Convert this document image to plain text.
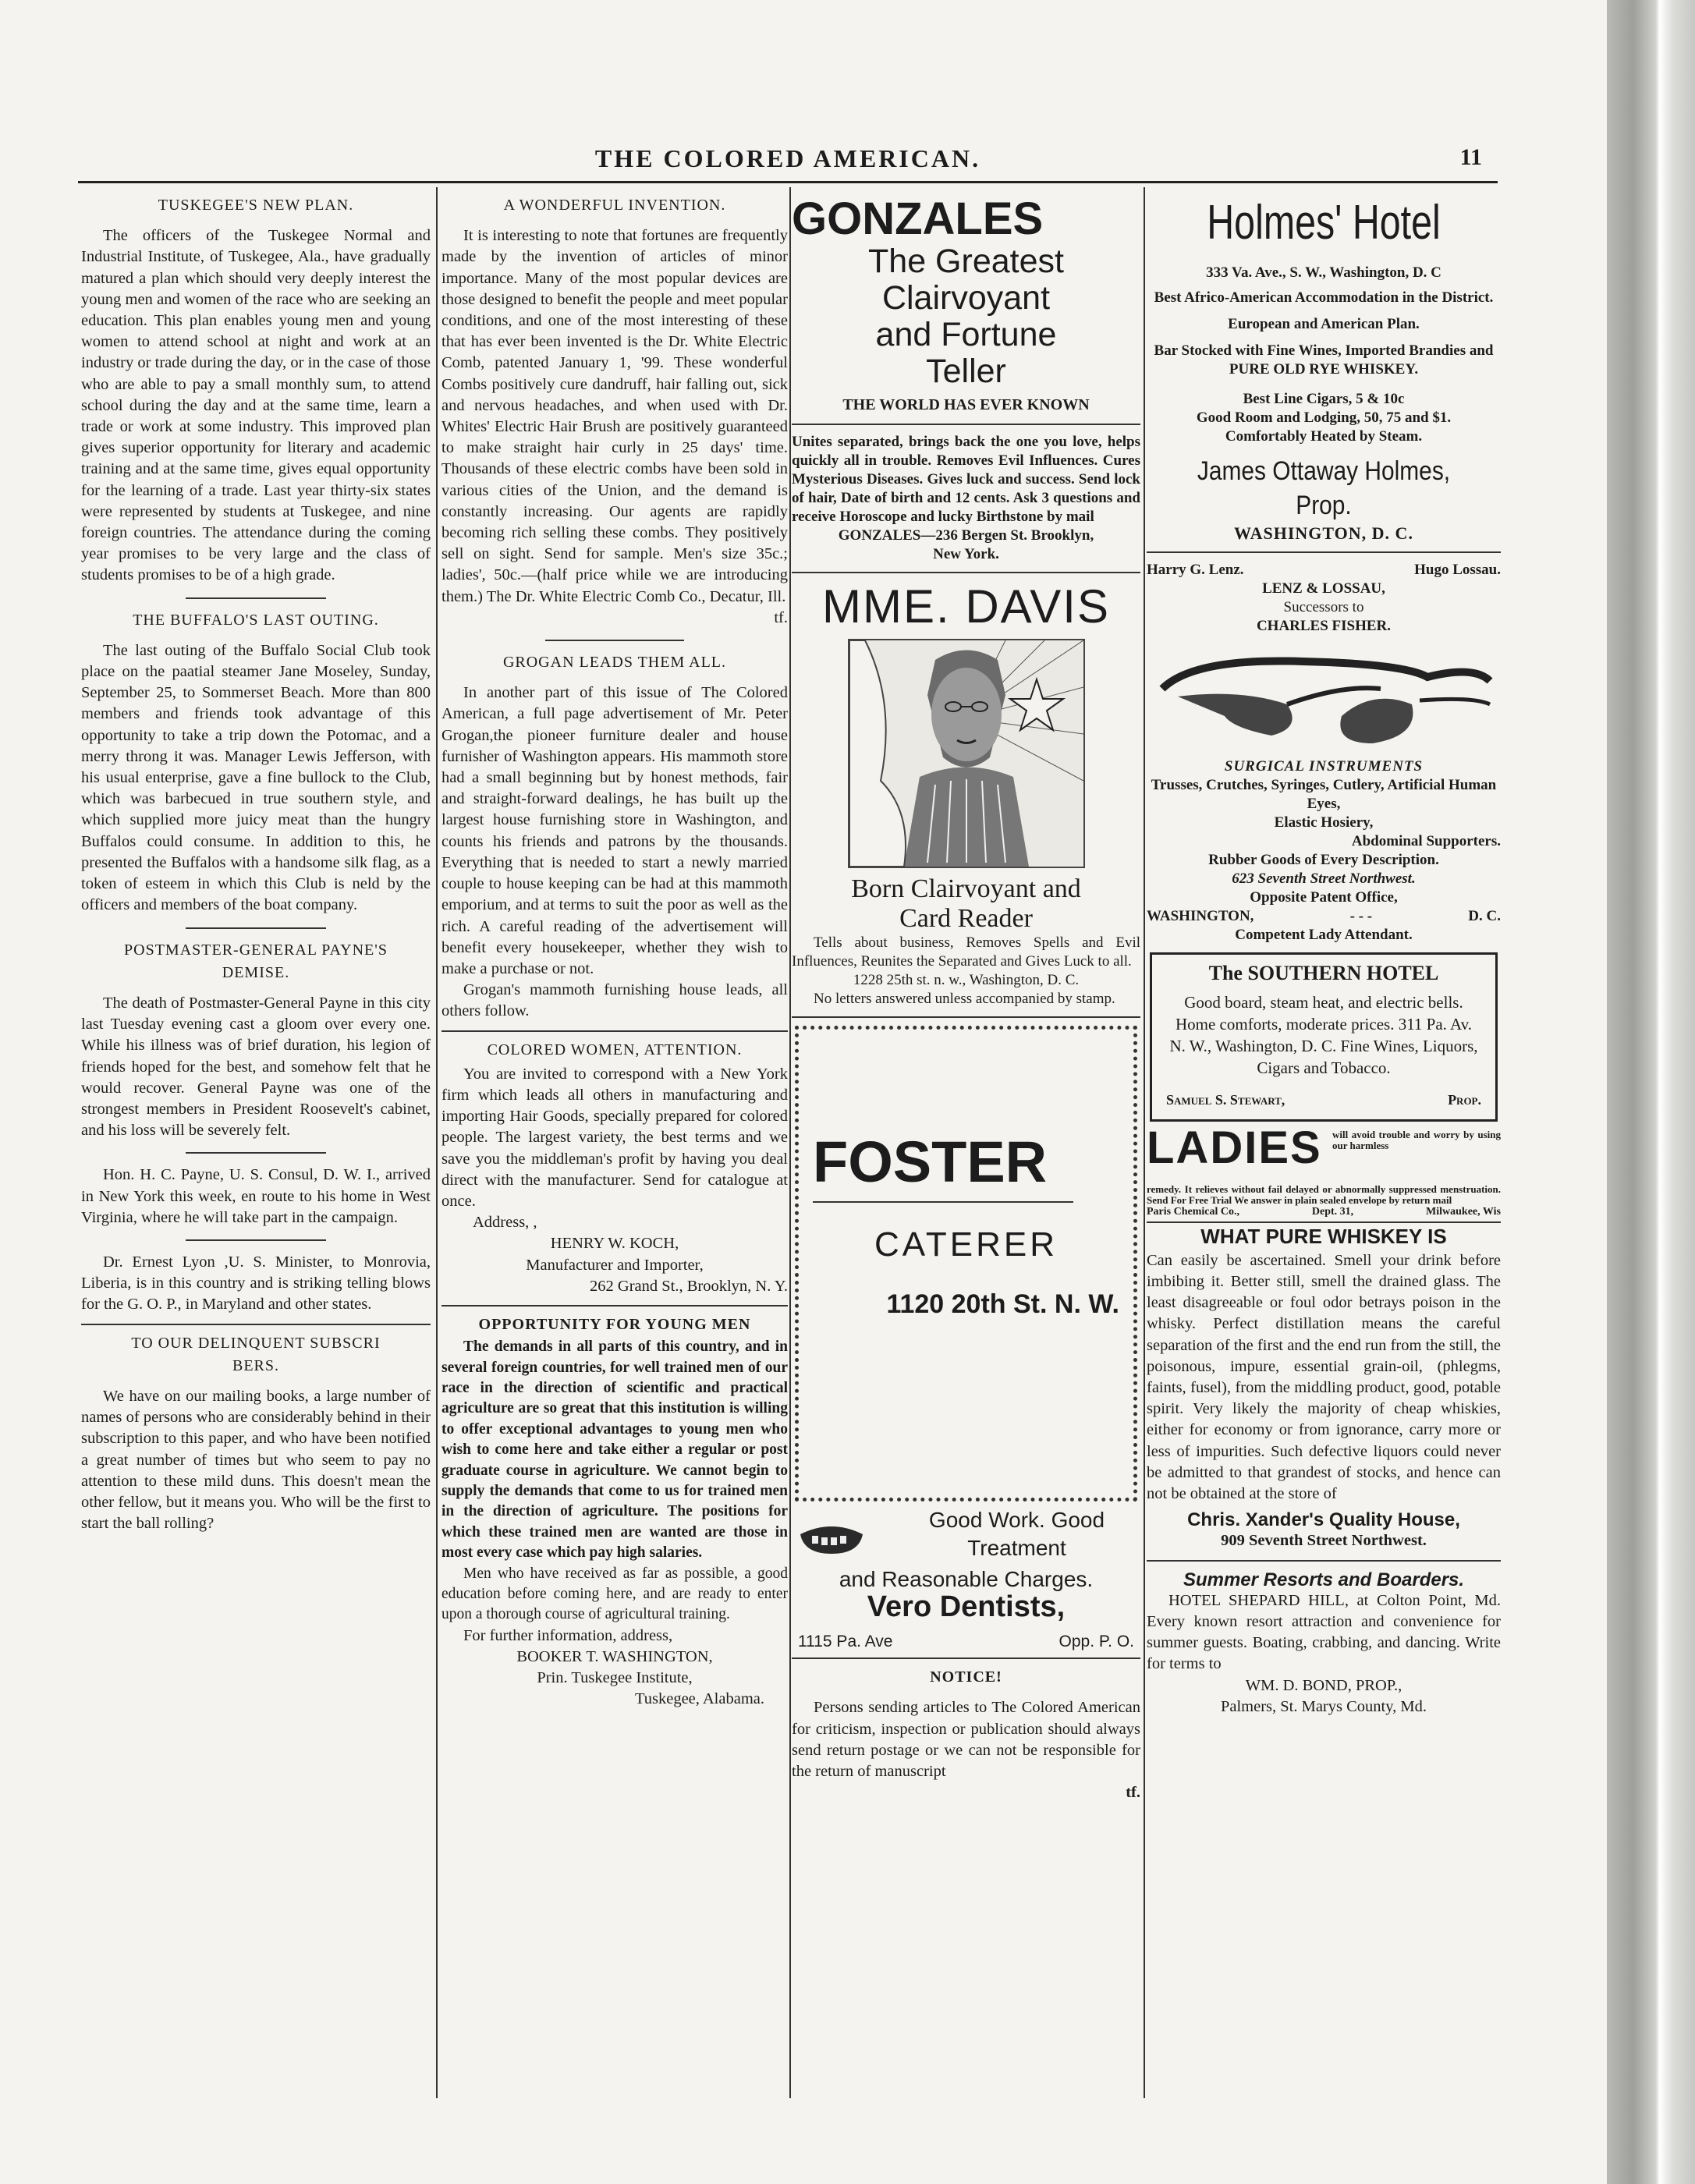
THE COLORED AMERICAN.	11
TUSKEGEE'S NEW PLAN.

The officers of the Tuskegee Normal and Industrial Institute, of Tuskegee, Ala., have gradually matured a plan which should very deeply interest the young men and women of the race who are seeking an education. This plan enables young men and young women to attend school at night and work at an industry or trade during the day, or in the case of those who are able to pay a small monthly sum, to attend school during the day and at the same time, learn a trade or work at some industry. This improved plan gives superior opportunity for literary and academic training and at the same time, gives equal opportunity for the learning of a trade. Last year thirty-six states were represented by students at Tuskegee, and nine foreign countries. The attendance during the coming year promises to be very large and the class of students promises to be of a high grade.

THE BUFFALO'S LAST OUTING.

The last outing of the Buffalo Social Club took place on the paatial steamer Jane Moseley, Sunday, September 25, to Sommerset Beach. More than 800 members and friends took advantage of this opportunity to take a trip down the Potomac, and a merry throng it was. Manager Lewis Jefferson, with his usual enterprise, gave a fine bullock to the Club, which was barbecued in true southern style, and which supplied more juicy meat than the hungry Buffalos could consume. In addition to this, he presented the Buffalos with a handsome silk flag, as a token of esteem in which this Club is neld by the officers and members of the boat company.

POSTMASTER-GENERAL PAYNE'S
DEMISE.

The death of Postmaster-General Payne in this city last Tuesday evening cast a gloom over every one. While his illness was of brief duration, his legion of friends hoped for the best, and somehow felt that he would recover. General Payne was one of the strongest members in President Roosevelt's cabinet, and his loss will be severely felt.

Hon. H. C. Payne, U. S. Consul, D. W. I., arrived in New York this week, en route to his home in West Virginia, where he will take part in the campaign.

Dr. Ernest Lyon ,U. S. Minister, to Monrovia, Liberia, is in this country and is striking telling blows for the G. O. P., in Maryland and other states.

TO OUR DELINQUENT SUBSCRI
BERS.

We have on our mailing books, a large number of names of persons who are considerably behind in their subscription to this paper, and who have been notified a great number of times but who seem to pay no attention to these mild duns. This doesn't mean the other fellow, but it means you. Who will be the first to start the ball rolling?

A WONDERFUL INVENTION.

It is interesting to note that fortunes are frequently made by the invention of articles of minor importance. Many of the most popular devices are those designed to benefit the people and meet popular conditions, and one of the most interesting of these that has ever been invented is the Dr. White Electric Comb, patented January 1, '99. These wonderful Combs positively cure dandruff, hair falling out, sick and nervous headaches, and when used with Dr. Whites' Electric Hair Brush are positively guaranteed to make straight hair curly in 25 days' time. Thousands of these electric combs have been sold in various cities of the Union, and the demand is constantly increasing. Our agents are rapidly becoming rich selling these combs. They positively sell on sight. Send for sample. Men's size 35c.; ladies', 50c.—(half price while we are introducing them.) The Dr. White Electric Comb Co., Decatur, Ill.

tf.
GROGAN LEADS THEM ALL.

In another part of this issue of The Colored American, a full page advertisement of Mr. Peter Grogan,the pioneer furniture dealer and house furnisher of Washington appears. His mammoth store had a small beginning but by honest methods, fair and straight-forward dealings, he has built up the largest house furnishing store in Washington, and counts his friends and patrons by the thousands. Everything that is needed to start a newly married couple to house keeping can be had at this mammoth emporium, and at terms to suit the poor as well as the rich. A careful reading of the advertisement will benefit every housekeeper, whether they wish to make a purchase or not.

Grogan's mammoth furnishing house leads, all others follow.

COLORED WOMEN, ATTENTION.

You are invited to correspond with a New York firm which leads all others in manufacturing and importing Hair Goods, specially prepared for colored people. The largest variety, the best terms and we save you the middleman's profit by having you deal direct with the manufacturer. Send for catalogue at once.

Address, ,
HENRY W. KOCH,
Manufacturer and Importer,
262 Grand St., Brooklyn, N. Y.
OPPORTUNITY FOR YOUNG MEN

The demands in all parts of this country, and in several foreign countries, for well trained men of our race in the direction of scientific and practical agriculture are so great that this institution is willing to offer exceptional advantages to young men who wish to come here and take either a regular or post graduate course in agriculture. We cannot begin to supply the demands that come to us for trained men in the direction of agriculture. The positions for which these trained men are wanted are those in most every case which pay high salaries.

Men who have received as far as possible, a good education before coming here, and are ready to enter upon a thorough course of agricultural training.

For further information, address,
BOOKER T. WASHINGTON,
Prin. Tuskegee Institute,
Tuskegee, Alabama.
GONZALES
The Greatest
Clairvoyant
and Fortune
Teller
THE WORLD HAS EVER KNOWN
Unites separated, brings back the one you love, helps quickly all in trouble. Removes Evil Influences. Cures Mysterious Diseases. Gives luck and success. Send lock of hair, Date of birth and 12 cents. Ask 3 questions and receive Horoscope and lucky Birthstone by mail
GONZALES—236 Bergen St. Brooklyn,
New York.
MME. DAVIS
Born Clairvoyant and
Card Reader
Tells about business, Removes Spells and Evil Influences, Reunites the Separated and Gives Luck to all.
1228 25th st. n. w., Washington, D. C.
No letters answered unless accompanied by stamp.
FOSTER
CATERER
1120 20th St. N. W.
Good Work. Good
Treatment
and Reasonable Charges.
Vero Dentists,
1115 Pa. Ave	Opp. P. O.
NOTICE!

Persons sending articles to The Colored American for criticism, inspection or publication should always send return postage or we can not be responsible for the return of manuscript

tf.
Holmes' Hotel
333 Va. Ave., S. W., Washington, D. C
Best Africo-American Accommodation in the District.
European and American Plan.
Bar Stocked with Fine Wines, Imported Brandies and
PURE OLD RYE WHISKEY.
Best Line Cigars, 5 & 10c
Good Room and Lodging, 50, 75 and $1.
Comfortably Heated by Steam.
James Ottaway Holmes, Prop.
WASHINGTON, D. C.
Harry G. Lenz.	Hugo Lossau.
LENZ & LOSSAU,
Successors to
CHARLES FISHER.
SURGICAL INSTRUMENTS
Trusses, Crutches, Syringes, Cutlery, Artificial Human Eyes,
Elastic Hosiery,
Abdominal Supporters.
Rubber Goods of Every Description.
623 Seventh Street Northwest.
Opposite Patent Office,
WASHINGTON,	- - -	D. C.
Competent Lady Attendant.
The SOUTHERN HOTEL
Good board, steam heat, and electric bells. Home comforts, moderate prices. 311 Pa. Av. N. W., Washington, D. C. Fine Wines, Liquors, Cigars and Tobacco.
Samuel S. Stewart,	Prop.
LADIES will avoid trouble and worry by using our harmless
remedy. It relieves without fail delayed or abnormally suppressed menstruation. Send For Free Trial We answer in plain sealed envelope by return mail
Paris Chemical Co.,	Dept. 31,	Milwaukee, Wis
WHAT PURE WHISKEY IS
Can easily be ascertained. Smell your drink before imbibing it. Better still, smell the drained glass. The least disagreeable or foul odor betrays poison in the whisky. Perfect distillation means the careful separation of the first and the end run from the still, the poisonous, impure, essential grain-oil, (phlegms, faints, fusel), from the middling product, good, potable spirit. Very likely the majority of cheap whiskies, either for economy or from ignorance, carry more or less of impurities. Such defective liquors could never be admitted to that grandest of stocks, and hence can not be obtained at the store of
Chris. Xander's Quality House,
909 Seventh Street Northwest.
Summer Resorts and Boarders.

HOTEL SHEPARD HILL, at Colton Point, Md. Every known resort attraction and convenience for summer guests. Boating, crabbing, and dancing. Write for terms to

WM. D. BOND, PROP.,
Palmers, St. Marys County, Md.
